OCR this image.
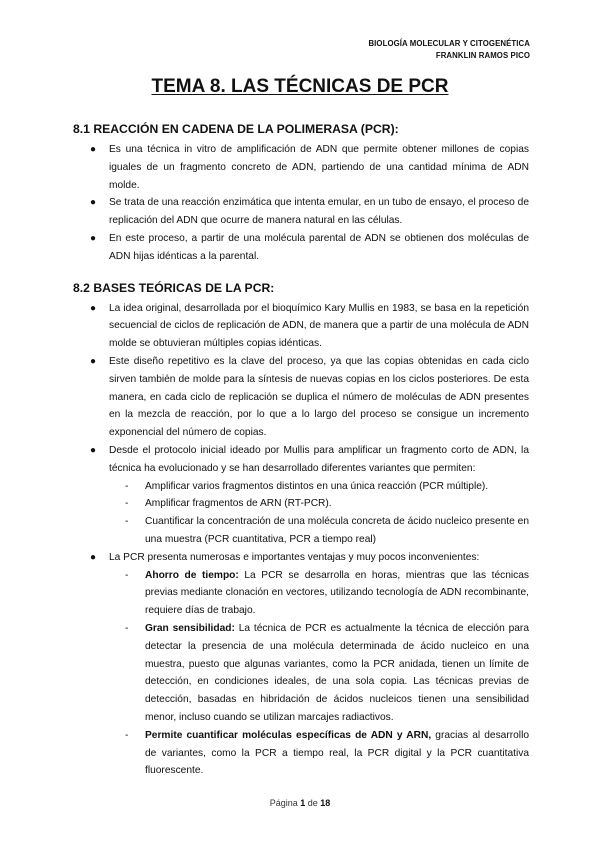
BIOLOGÍA MOLECULAR Y CITOGENÉTICA
FRANKLIN RAMOS PICO
TEMA 8. LAS TÉCNICAS DE PCR
8.1 REACCIÓN EN CADENA DE LA POLIMERASA (PCR):
● Es una técnica in vitro de amplificación de ADN que permite obtener millones de copias iguales de un fragmento concreto de ADN, partiendo de una cantidad mínima de ADN molde.
● Se trata de una reacción enzimática que intenta emular, en un tubo de ensayo, el proceso de replicación del ADN que ocurre de manera natural en las células.
● En este proceso, a partir de una molécula parental de ADN se obtienen dos moléculas de ADN hijas idénticas a la parental.
8.2 BASES TEÓRICAS DE LA PCR:
● La idea original, desarrollada por el bioquímico Kary Mullis en 1983, se basa en la repetición secuencial de ciclos de replicación de ADN, de manera que a partir de una molécula de ADN molde se obtuvieran múltiples copias idénticas.
● Este diseño repetitivo es la clave del proceso, ya que las copias obtenidas en cada ciclo sirven también de molde para la síntesis de nuevas copias en los ciclos posteriores. De esta manera, en cada ciclo de replicación se duplica el número de moléculas de ADN presentes en la mezcla de reacción, por lo que a lo largo del proceso se consigue un incremento exponencial del número de copias.
● Desde el protocolo inicial ideado por Mullis para amplificar un fragmento corto de ADN, la técnica ha evolucionado y se han desarrollado diferentes variantes que permiten:
- Amplificar varios fragmentos distintos en una única reacción (PCR múltiple).
- Amplificar fragmentos de ARN (RT-PCR).
- Cuantificar la concentración de una molécula concreta de ácido nucleico presente en una muestra (PCR cuantitativa, PCR a tiempo real)
● La PCR presenta numerosas e importantes ventajas y muy pocos inconvenientes:
- Ahorro de tiempo: La PCR se desarrolla en horas, mientras que las técnicas previas mediante clonación en vectores, utilizando tecnología de ADN recombinante, requiere días de trabajo.
- Gran sensibilidad: La técnica de PCR es actualmente la técnica de elección para detectar la presencia de una molécula determinada de ácido nucleico en una muestra, puesto que algunas variantes, como la PCR anidada, tienen un límite de detección, en condiciones ideales, de una sola copia. Las técnicas previas de detección, basadas en hibridación de ácidos nucleicos tienen una sensibilidad menor, incluso cuando se utilizan marcajes radiactivos.
- Permite cuantificar moléculas específicas de ADN y ARN, gracias al desarrollo de variantes, como la PCR a tiempo real, la PCR digital y la PCR cuantitativa fluorescente.
Página 1 de 18
